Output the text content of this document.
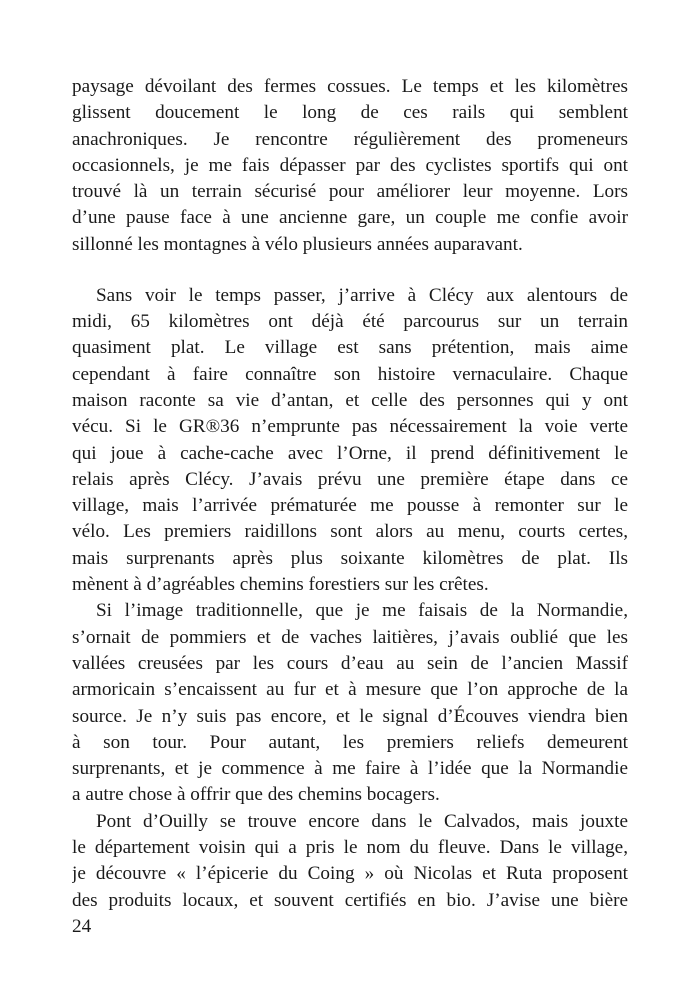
paysage dévoilant des fermes cossues. Le temps et les kilomètres
glissent doucement le long de ces rails qui semblent
anachroniques. Je rencontre régulièrement des promeneurs
occasionnels, je me fais dépasser par des cyclistes sportifs qui ont
trouvé là un terrain sécurisé pour améliorer leur moyenne. Lors
d’une pause face à une ancienne gare, un couple me confie avoir
sillonné les montagnes à vélo plusieurs années auparavant.
Sans voir le temps passer, j’arrive à Clécy aux alentours de
midi, 65 kilomètres ont déjà été parcourus sur un terrain
quasiment plat. Le village est sans prétention, mais aime
cependant à faire connaître son histoire vernaculaire. Chaque
maison raconte sa vie d’antan, et celle des personnes qui y ont
vécu. Si le GR®36 n’emprunte pas nécessairement la voie verte
qui joue à cache-cache avec l’Orne, il prend définitivement le
relais après Clécy. J’avais prévu une première étape dans ce
village, mais l’arrivée prématurée me pousse à remonter sur le
vélo. Les premiers raidillons sont alors au menu, courts certes,
mais surprenants après plus soixante kilomètres de plat. Ils
mènent à d’agréables chemins forestiers sur les crêtes.
Si l’image traditionnelle, que je me faisais de la Normandie,
s’ornait de pommiers et de vaches laitières, j’avais oublié que les
vallées creusées par les cours d’eau au sein de l’ancien Massif
armoricain s’encaissent au fur et à mesure que l’on approche de la
source. Je n’y suis pas encore, et le signal d’Écouves viendra bien
à son tour. Pour autant, les premiers reliefs demeurent
surprenants, et je commence à me faire à l’idée que la Normandie
a autre chose à offrir que des chemins bocagers.
Pont d’Ouilly se trouve encore dans le Calvados, mais jouxte
le département voisin qui a pris le nom du fleuve. Dans le village,
je découvre « l’épicerie du Coing » où Nicolas et Ruta proposent
des produits locaux, et souvent certifiés en bio. J’avise une bière
24
